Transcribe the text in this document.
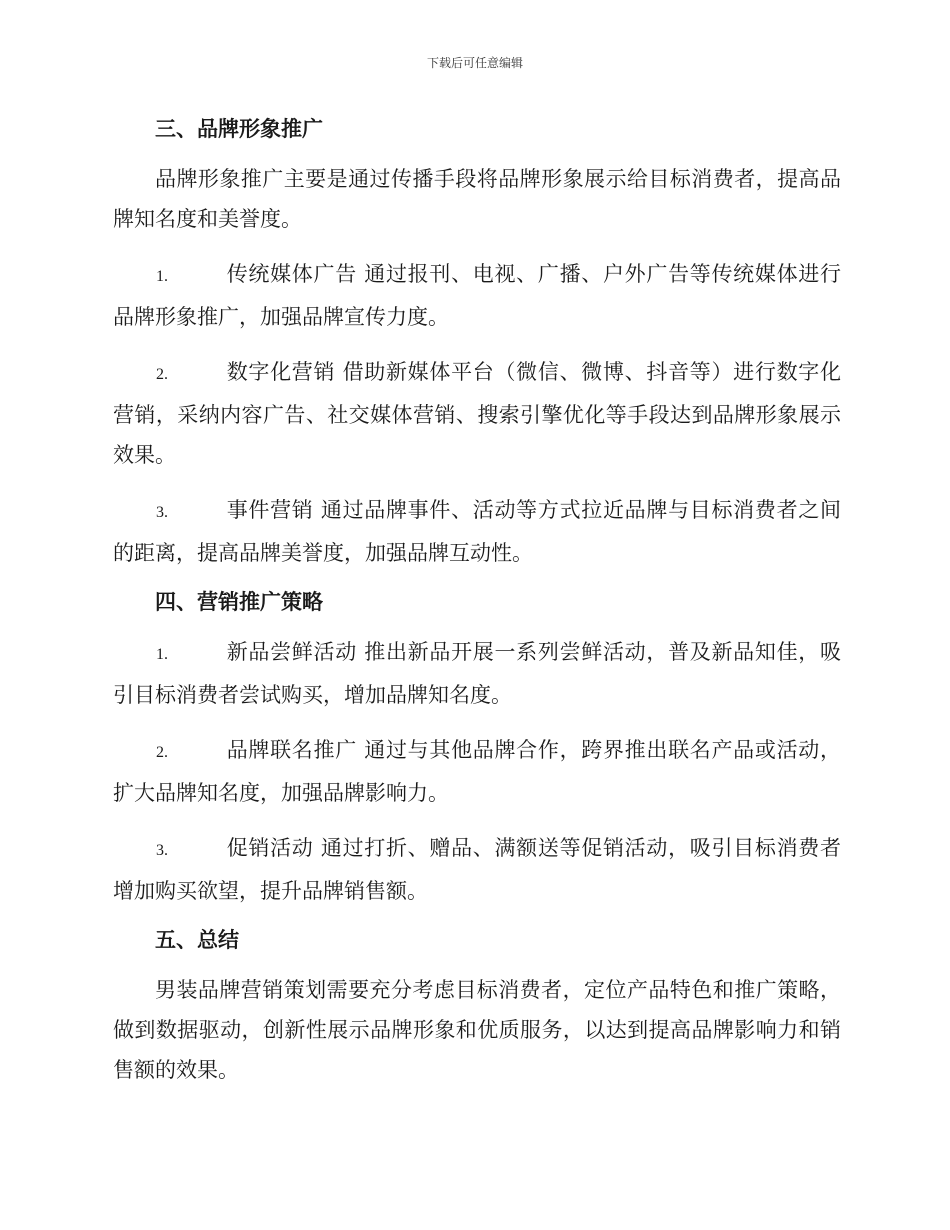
下载后可任意编辑
三、品牌形象推广

品牌形象推广主要是通过传播手段将品牌形象展示给目标消费者，提高品牌知名度和美誉度。

1.	传统媒体广告 通过报刊、电视、广播、户外广告等传统媒体进行品牌形象推广，加强品牌宣传力度。
2.	数字化营销 借助新媒体平台（微信、微博、抖音等）进行数字化营销，采纳内容广告、社交媒体营销、搜索引擎优化等手段达到品牌形象展示效果。
3.	事件营销 通过品牌事件、活动等方式拉近品牌与目标消费者之间的距离，提高品牌美誉度，加强品牌互动性。
四、营销推广策略
1.	新品尝鲜活动 推出新品开展一系列尝鲜活动，普及新品知佳，吸引目标消费者尝试购买，增加品牌知名度。
2.	品牌联名推广 通过与其他品牌合作，跨界推出联名产品或活动，扩大品牌知名度，加强品牌影响力。
3.	促销活动 通过打折、赠品、满额送等促销活动，吸引目标消费者增加购买欲望，提升品牌销售额。
五、总结

男装品牌营销策划需要充分考虑目标消费者，定位产品特色和推广策略，做到数据驱动，创新性展示品牌形象和优质服务，以达到提高品牌影响力和销售额的效果。
